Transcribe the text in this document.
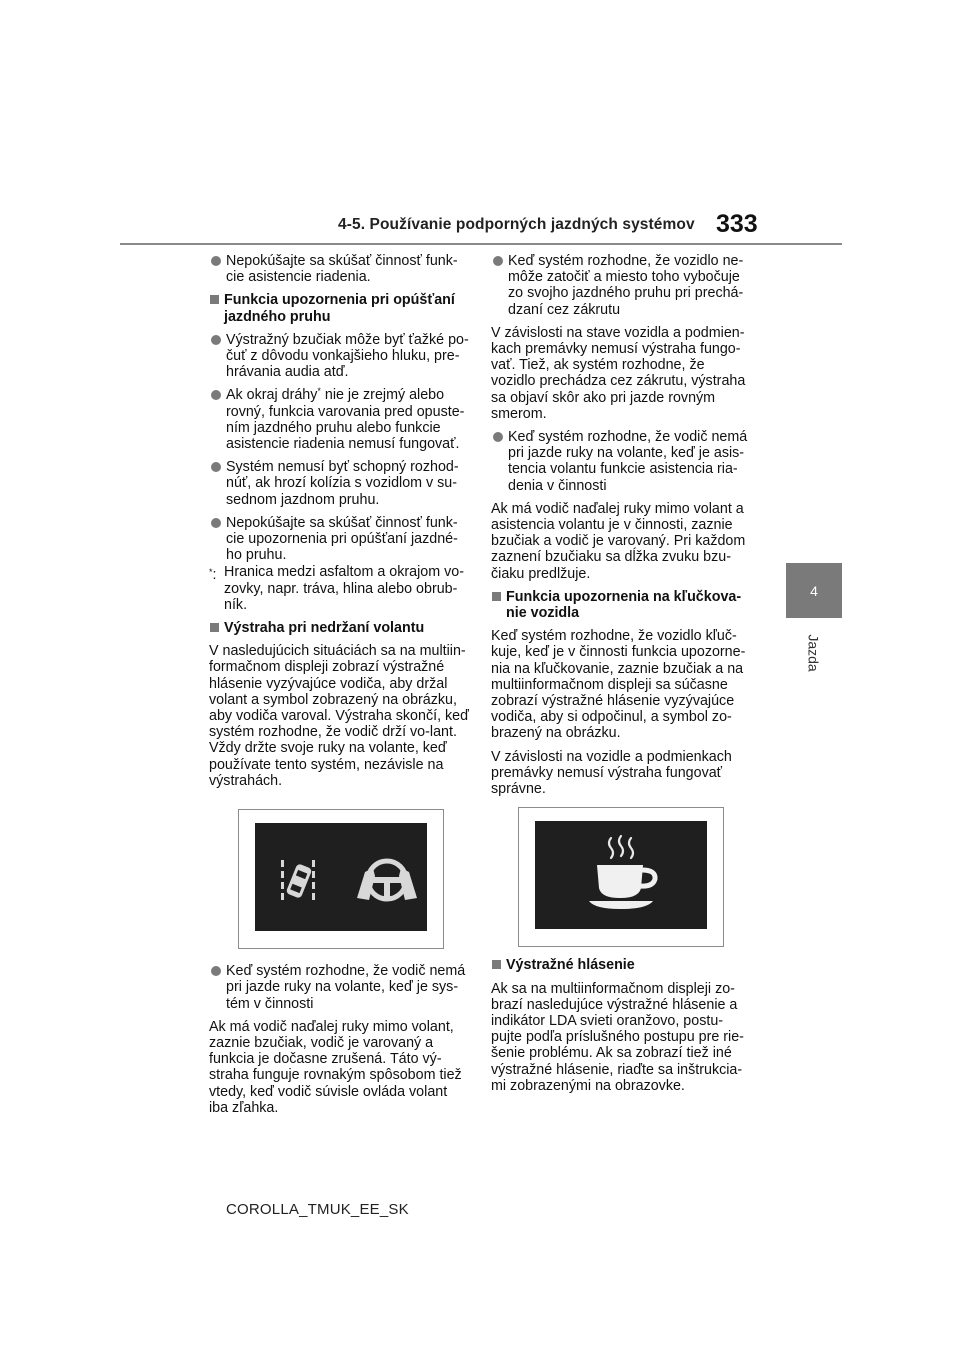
4-5. Používanie podporných jazdných systémov 333
4
Jazda
Nepokúšajte sa skúšať činnosť funk-cie asistencie riadenia.
Funkcia upozornenia pri opúšťaní jazdného pruhu
Výstražný bzučiak môže byť ťažké po-čuť z dôvodu vonkajšieho hluku, pre-hrávania audia atď.
Ak okraj dráhy* nie je zrejmý alebo rovný, funkcia varovania pred opuste-ním jazdného pruhu alebo funkcie asistencie riadenia nemusí fungovať.
Systém nemusí byť schopný rozhod-núť, ak hrozí kolízia s vozidlom v su-sednom jazdnom pruhu.
Nepokúšajte sa skúšať činnosť funk-cie upozornenia pri opúšťaní jazdné-ho pruhu.
*: Hranica medzi asfaltom a okrajom vo-zovky, napr. tráva, hlina alebo obrub-ník.
Výstraha pri nedržaní volantu
V nasledujúcich situáciách sa na multiin-formačnom displeji zobrazí výstražné hlásenie vyzývajúce vodiča, aby držal volant a symbol zobrazený na obrázku, aby vodiča varoval. Výstraha skončí, keď systém rozhodne, že vodič drží vo-lant. Vždy držte svoje ruky na volante, keď používate tento systém, nezávisle na výstrahách.
Keď systém rozhodne, že vodič nemá pri jazde ruky na volante, keď je sys-tém v činnosti
Ak má vodič naďalej ruky mimo volant, zaznie bzučiak, vodič je varovaný a funkcia je dočasne zrušená. Táto vý-straha funguje rovnakým spôsobom tiež vtedy, keď vodič súvisle ovláda volant iba zľahka.
Keď systém rozhodne, že vozidlo ne-môže zatočiť a miesto toho vybočuje zo svojho jazdného pruhu pri prechá-dzaní cez zákrutu
V závislosti na stave vozidla a podmien-kach premávky nemusí výstraha fungo-vať. Tiež, ak systém rozhodne, že vozidlo prechádza cez zákrutu, výstraha sa objaví skôr ako pri jazde rovným smerom.
Keď systém rozhodne, že vodič nemá pri jazde ruky na volante, keď je asis-tencia volantu funkcie asistencia ria-denia v činnosti
Ak má vodič naďalej ruky mimo volant a asistencia volantu je v činnosti, zaznie bzučiak a vodič je varovaný. Pri každom zaznení bzučiaku sa dĺžka zvuku bzu-čiaku predlžuje.
Funkcia upozornenia na kľučkova-nie vozidla
Keď systém rozhodne, že vozidlo kľuč-kuje, keď je v činnosti funkcia upozorne-nia na kľučkovanie, zaznie bzučiak a na multiinformačnom displeji sa súčasne zobrazí výstražné hlásenie vyzývajúce vodiča, aby si odpočinul, a symbol zo-brazený na obrázku.
V závislosti na vozidle a podmienkach premávky nemusí výstraha fungovať správne.
Výstražné hlásenie
Ak sa na multiinformačnom displeji zo-brazí nasledujúce výstražné hlásenie a indikátor LDA svieti oranžovo, postu-pujte podľa príslušného postupu pre rie-šenie problému. Ak sa zobrazí tiež iné výstražné hlásenie, riaďte sa inštrukcia-mi zobrazenými na obrazovke.
COROLLA_TMUK_EE_SK
